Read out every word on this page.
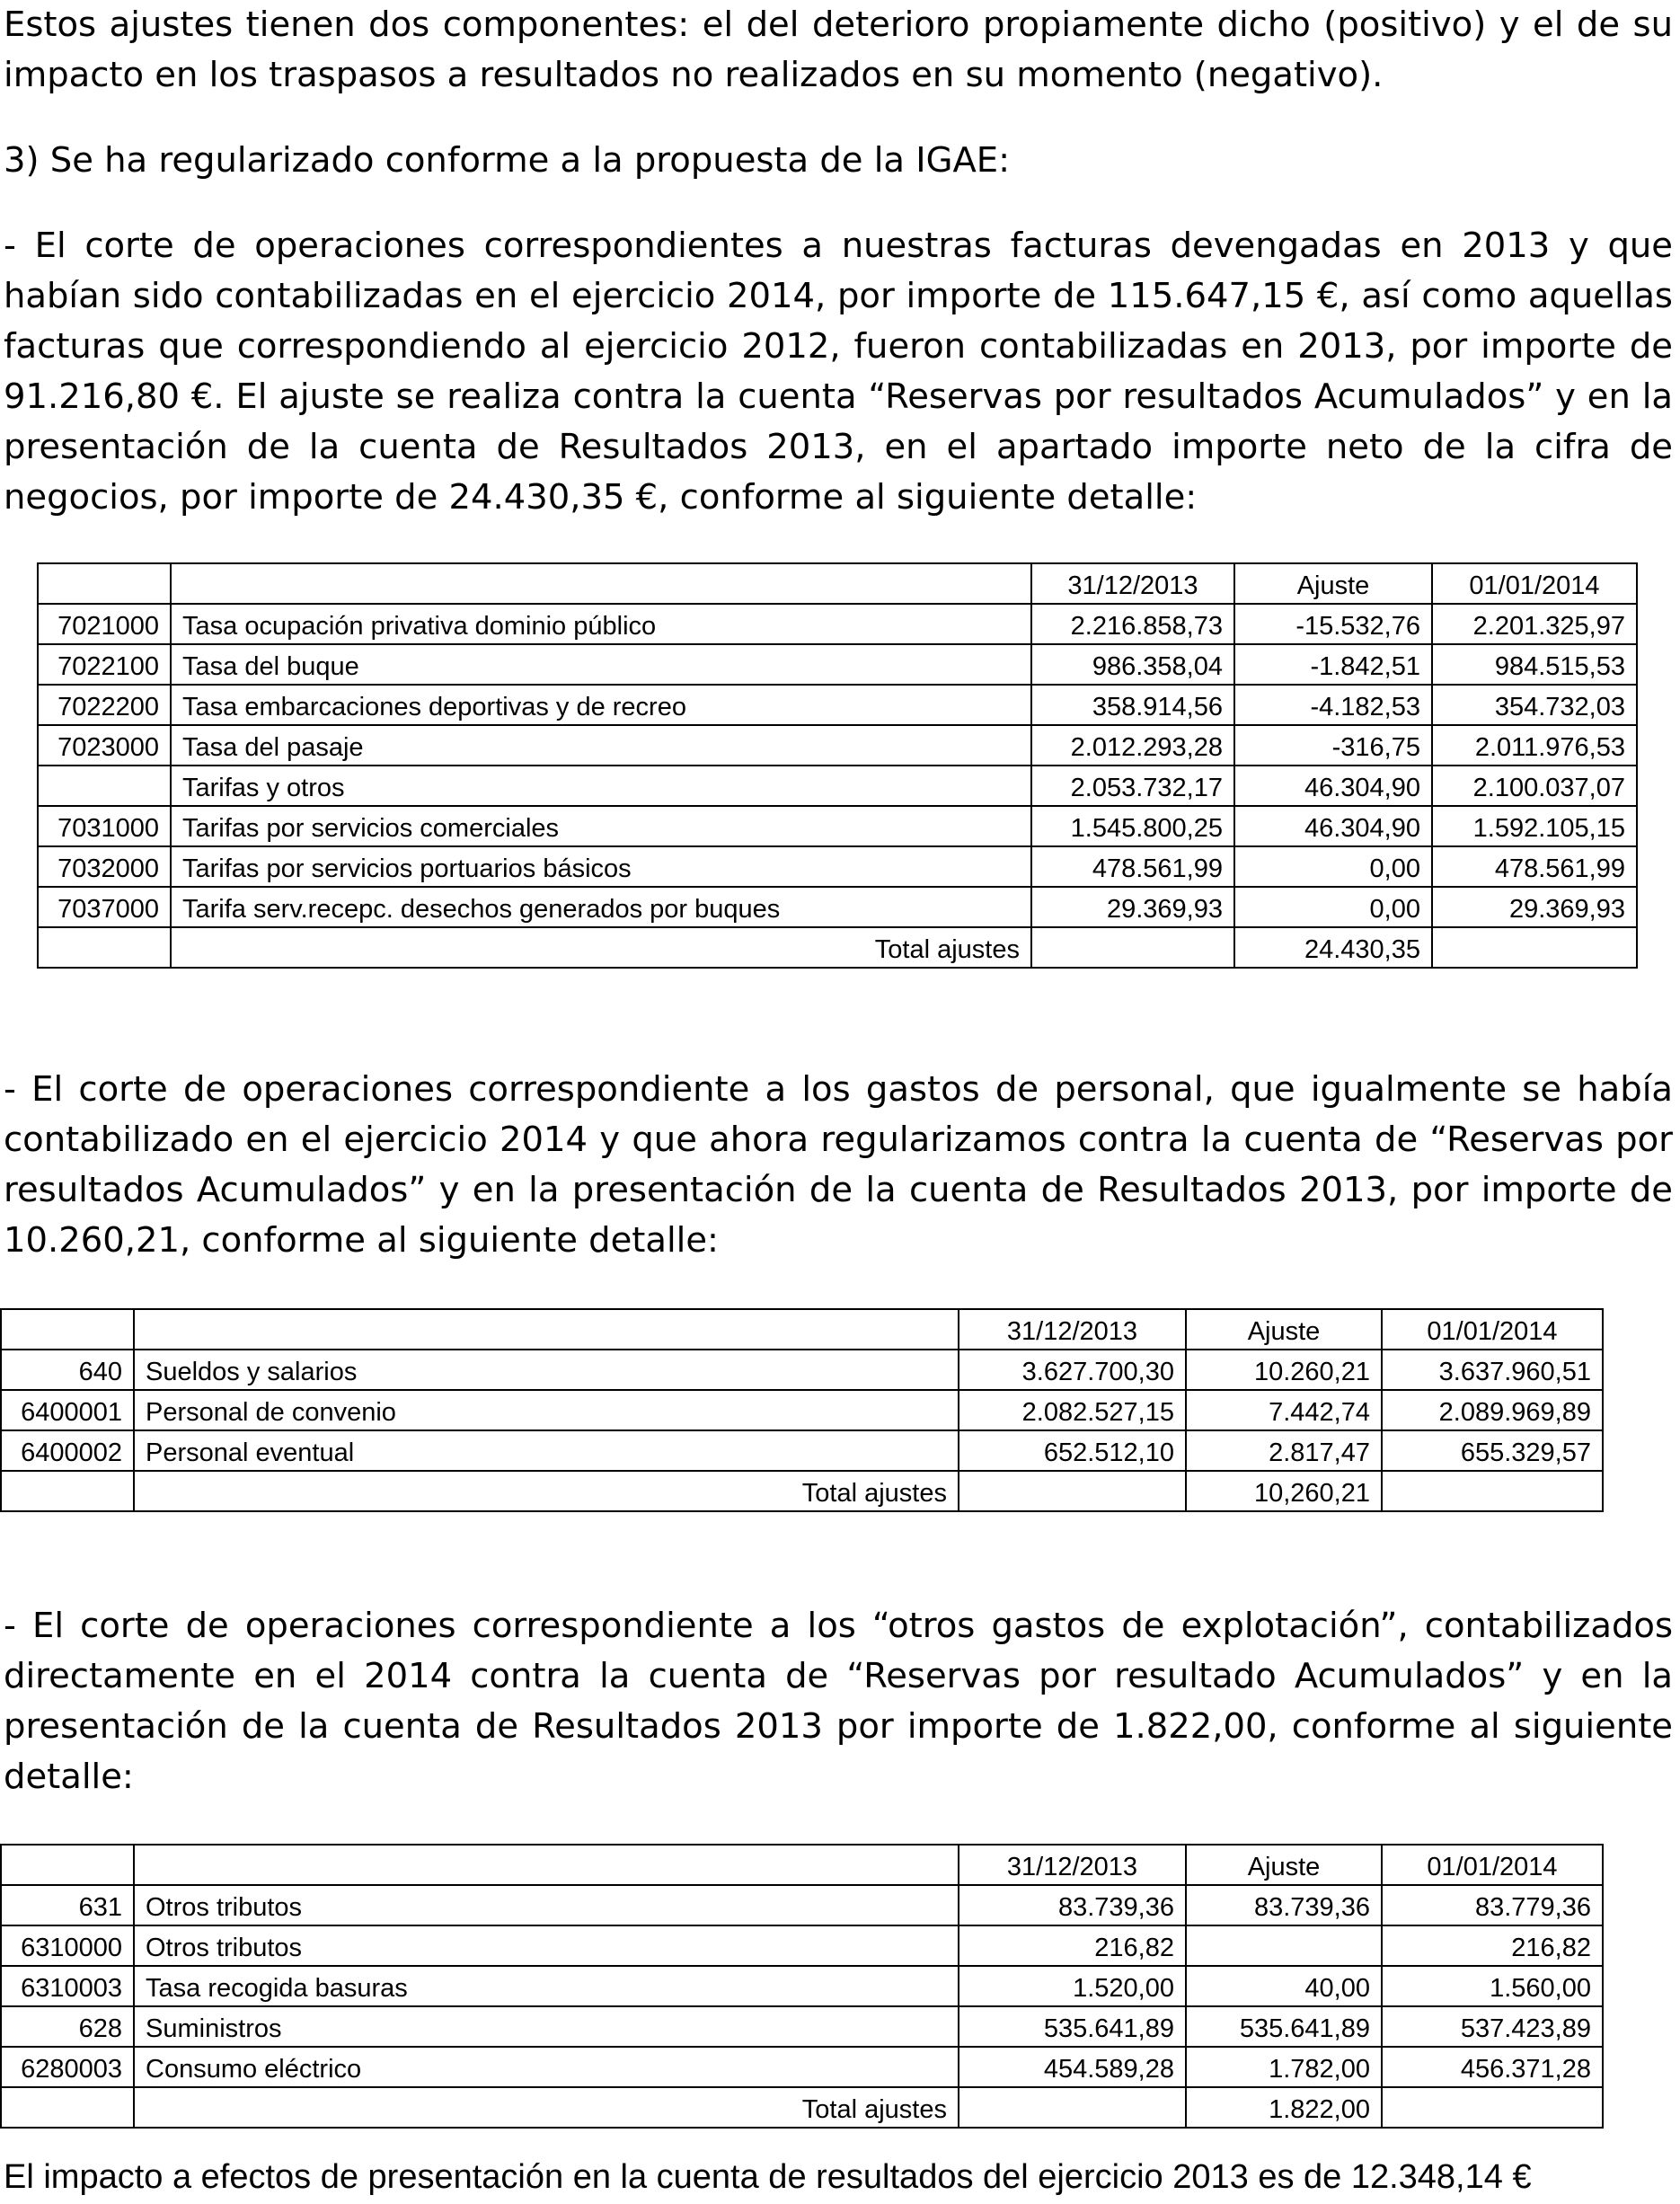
Estos ajustes tienen dos componentes: el del deterioro propiamente dicho (positivo) y el de su impacto en los traspasos a resultados no realizados en su momento (negativo).

3) Se ha regularizado conforme a la propuesta de la IGAE:

- El corte de operaciones correspondientes a nuestras facturas devengadas en 2013 y que habían sido contabilizadas en el ejercicio 2014, por importe de 115.647,15 €, así como aquellas facturas que correspondiendo al ejercicio 2012, fueron contabilizadas en 2013, por importe de 91.216,80 €. El ajuste se realiza contra la cuenta “Reservas por resultados Acumulados” y en la presentación de la cuenta de Resultados 2013, en el apartado importe neto de la cifra de negocios, por importe de 24.430,35 €, conforme al siguiente detalle:

		31/12/2013	Ajuste	01/01/2014
7021000	Tasa ocupación privativa dominio público	2.216.858,73	-15.532,76	2.201.325,97
7022100	Tasa del buque	986.358,04	-1.842,51	984.515,53
7022200	Tasa embarcaciones deportivas y de recreo	358.914,56	-4.182,53	354.732,03
7023000	Tasa del pasaje	2.012.293,28	-316,75	2.011.976,53
	Tarifas y otros	2.053.732,17	46.304,90	2.100.037,07
7031000	Tarifas por servicios comerciales	1.545.800,25	46.304,90	1.592.105,15
7032000	Tarifas por servicios portuarios básicos	478.561,99	0,00	478.561,99
7037000	Tarifa serv.recepc. desechos generados por buques	29.369,93	0,00	29.369,93
	Total ajustes		24.430,35	

- El corte de operaciones correspondiente a los gastos de personal, que igualmente se había contabilizado en el ejercicio 2014 y que ahora regularizamos contra la cuenta de “Reservas por resultados Acumulados” y en la presentación de la cuenta de Resultados 2013, por importe de 10.260,21, conforme al siguiente detalle:

		31/12/2013	Ajuste	01/01/2014
640	Sueldos y salarios	3.627.700,30	10.260,21	3.637.960,51
6400001	Personal de convenio	2.082.527,15	7.442,74	2.089.969,89
6400002	Personal eventual	652.512,10	2.817,47	655.329,57
	Total ajustes		10,260,21	

- El corte de operaciones correspondiente a los “otros gastos de explotación”, contabilizados directamente en el 2014 contra la cuenta de “Reservas por resultado Acumulados” y en la presentación de la cuenta de Resultados 2013 por importe de 1.822,00, conforme al siguiente detalle:

		31/12/2013	Ajuste	01/01/2014
631	Otros tributos	83.739,36	83.739,36	83.779,36
6310000	Otros tributos	216,82		216,82
6310003	Tasa recogida basuras	1.520,00	40,00	1.560,00
628	Suministros	535.641,89	535.641,89	537.423,89
6280003	Consumo eléctrico	454.589,28	1.782,00	456.371,28
	Total ajustes		1.822,00	
El impacto a efectos de presentación en la cuenta de resultados del ejercicio 2013 es de 12.348,14 €
